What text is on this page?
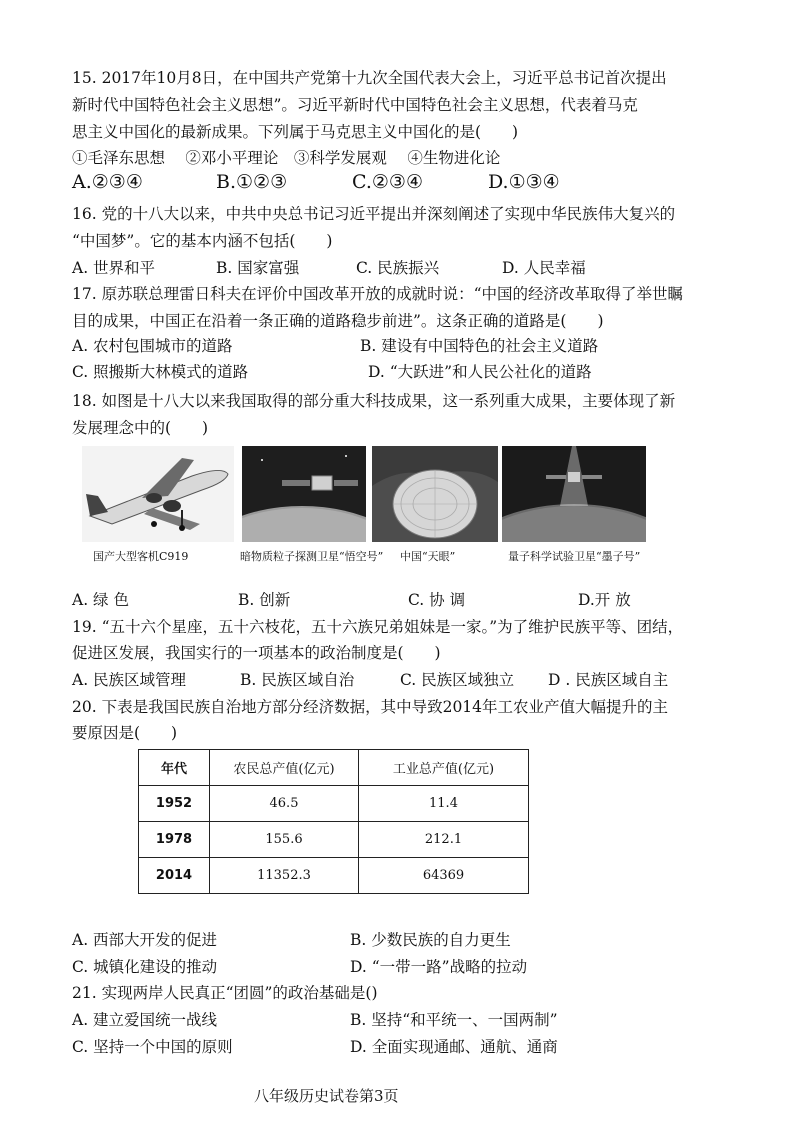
15. 2017年10月8日，在中国共产党第十九次全国代表大会上，习近平总书记首次提出
新时代中国特色社会主义思想”。习近平新时代中国特色社会主义思想，代表着马克
思主义中国化的最新成果。下列属于马克思主义中国化的是(　　)
①毛泽东思想　 ②邓小平理论　③科学发展观　 ④生物进化论
A.②③④	B.①②③	C.②③④	D.①③④
16. 党的十八大以来，中共中央总书记习近平提出并深刻阐述了实现中华民族伟大复兴的
“中国梦”。它的基本内涵不包括(　　)
A. 世界和平	B. 国家富强	C. 民族振兴	D. 人民幸福
17. 原苏联总理雷日科夫在评价中国改革开放的成就时说：“中国的经济改革取得了举世瞩
目的成果，中国正在沿着一条正确的道路稳步前进”。这条正确的道路是(　　)
A. 农村包围城市的道路	B. 建设有中国特色的社会主义道路
C. 照搬斯大林模式的道路	D. “大跃进”和人民公社化的道路
18. 如图是十八大以来我国取得的部分重大科技成果，这一系列重大成果，主要体现了新
发展理念中的(　　)
国产大型客机C919	暗物质粒子探测卫星“悟空号” 中国“天眼”	量子科学试验卫星“墨子号”
A. 绿 色	B. 创新	C. 协 调	D.开 放
19. “五十六个星座，五十六枝花，五十六族兄弟姐妹是一家。”为了维护民族平等、团结，
促进区发展，我国实行的一项基本的政治制度是(　　)
A. 民族区域管理	B. 民族区域自治	C. 民族区域独立 D . 民族区域自主
20. 下表是我国民族自治地方部分经济数据，其中导致2014年工农业产值大幅提升的主
要原因是(　　)
年代	农民总产值(亿元)	工业总产值(亿元)
1952	46.5	11.4
1978	155.6	212.1
2014	11352.3	64369
A. 西部大开发的促进	B. 少数民族的自力更生
C. 城镇化建设的推动	D. “一带一路”战略的拉动
21. 实现两岸人民真正“团圆”的政治基础是()
A. 建立爱国统一战线	B. 坚持“和平统一、一国两制”
C. 坚持一个中国的原则	D. 全面实现通邮、通航、通商
八年级历史试卷第3页
